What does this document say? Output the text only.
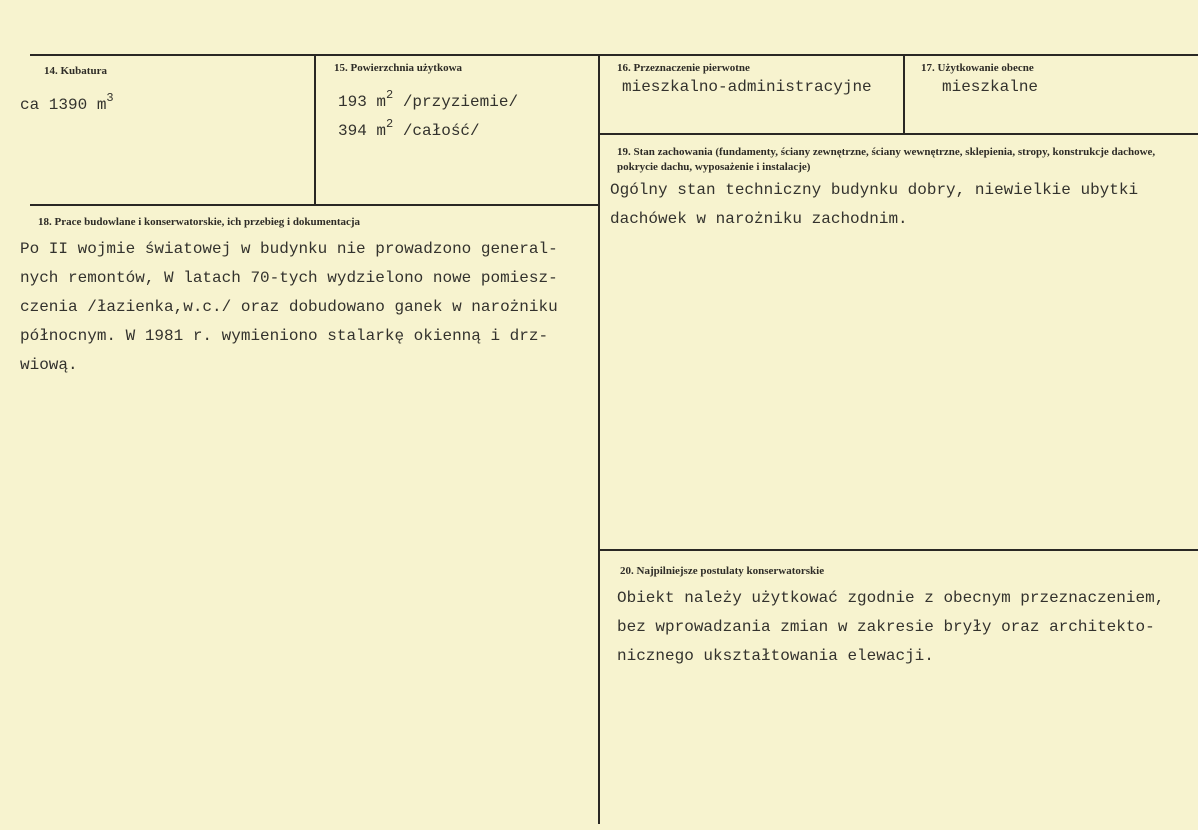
14. Kubatura
ca 1390 $m^3$
15. Powierzchnia użytkowa
193 $m^2$ /przyziemie/
394 $m^2$ /całość/
16. Przeznaczenie pierwotne
mieszkalno-administracyjne
17. Użytkowanie obecne
mieszkalne
18. Prace budowlane i konserwatorskie, ich przebieg i dokumentacja
Po II wojmie światowej w budynku nie prowadzono general-
nych remontów, W latach 70-tych wydzielono nowe pomiesz-
czenia /łazienka,w.c./ oraz dobudowano ganek w narożniku
północnym. W 1981 r. wymieniono stalarkę okienną i drz-
wiową.
19. Stan zachowania (fundamenty, ściany zewnętrzne, ściany wewnętrzne, sklepienia, stropy, konstrukcje dachowe, pokrycie dachu, wyposażenie i instalacje)
Ogólny stan techniczny budynku dobry, niewielkie ubytki
dachówek w narożniku zachodnim.
20. Najpilniejsze postulaty konserwatorskie
Obiekt należy użytkować zgodnie z obecnym przeznaczeniem,
bez wprowadzania zmian w zakresie bryły oraz architekto-
nicznego ukształtowania elewacji.
